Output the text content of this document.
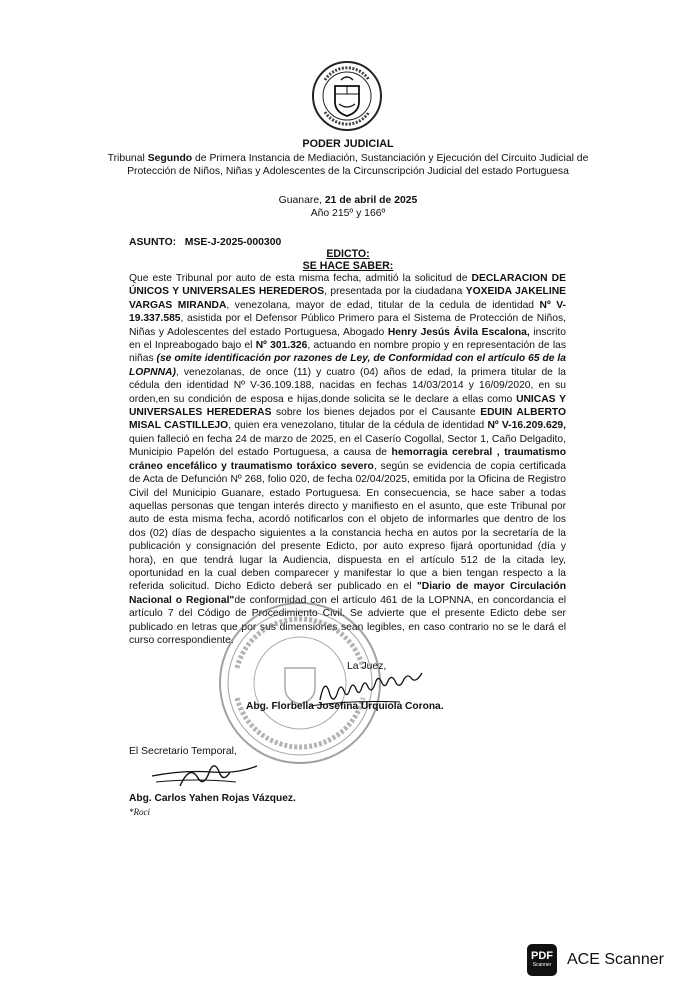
PODER JUDICIAL
Tribunal Segundo de Primera Instancia de Mediación, Sustanciación y Ejecución del Circuito Judicial de Protección de Niños, Niñas y Adolescentes de la Circunscripción Judicial del estado Portuguesa
Guanare, 21 de abril de 2025
Año 215º y 166º
ASUNTO:   MSE-J-2025-000300
EDICTO:
SE HACE SABER:
Que este Tribunal por auto de esta misma fecha, admitió la solicitud de DECLARACION DE ÚNICOS Y UNIVERSALES HEREDEROS, presentada por la ciudadana YOXEIDA JAKELINE VARGAS MIRANDA, venezolana, mayor de edad, titular de la cedula de identidad Nº V-19.337.585, asistida por el Defensor Público Primero para el Sistema de Protección de Niños, Niñas y Adolescentes del estado Portuguesa, Abogado Henry Jesús Ávila Escalona, inscrito en el Inpreabogado bajo el Nº 301.326, actuando en nombre propio y en representación de las niñas (se omite identificación por razones de Ley, de Conformidad con el artículo 65 de la LOPNNA), venezolanas, de once (11) y cuatro (04) años de edad, la primera titular de la cédula den identidad Nº V-36.109.188, nacidas en fechas 14/03/2014 y 16/09/2020, en su orden,en su condición de esposa e hijas,donde solicita se le declare a ellas como UNICAS Y UNIVERSALES HEREDERAS sobre los bienes dejados por el Causante EDUIN ALBERTO MISAL CASTILLEJO, quien era venezolano, titular de la cédula de identidad Nº V-16.209.629, quien falleció en fecha 24 de marzo de 2025, en el Caserío Cogollal, Sector 1, Caño Delgadito, Municipio Papelón del estado Portuguesa, a causa de hemorragia cerebral , traumatismo cráneo encefálico y traumatismo toráxico severo, según se evidencia de copia certificada de Acta de Defunción Nº 268, folio 020, de fecha 02/04/2025, emitida por la Oficina de Registro Civil del Municipio Guanare, estado Portuguesa. En consecuencia, se hace saber a todas aquellas personas que tengan interés directo y manifiesto en el asunto, que este Tribunal por auto de esta misma fecha, acordó notificarlos con el objeto de informarles que dentro de los dos (02) días de despacho siguientes a la constancia hecha en autos por la secretaría de la publicación y consignación del presente Edicto, por auto expreso fijará oportunidad (día y hora), en que tendrá lugar la Audiencia, dispuesta en el artículo 512 de la citada ley, oportunidad en la cual deben comparecer y manifestar lo que a bien tengan respecto a la referida solicitud. Dicho Edicto deberá ser publicado en el "Diario de mayor Circulación Nacional o Regional"de conformidad con el artículo 461 de la LOPNNA, en concordancia el artículo 7 del Código de Procedimiento Civil. Se advierte que el presente Edicto debe ser publicado en letras que por sus dimensiones sean legibles, en caso contrario no se le dará el curso correspondiente.
La Juez,
Abg. Florbella Josefina Urquiola Corona.
El Secretario Temporal,
Abg. Carlos Yahen Rojas Vázquez.
*Roci
PDF
Scanner ACE Scanner
